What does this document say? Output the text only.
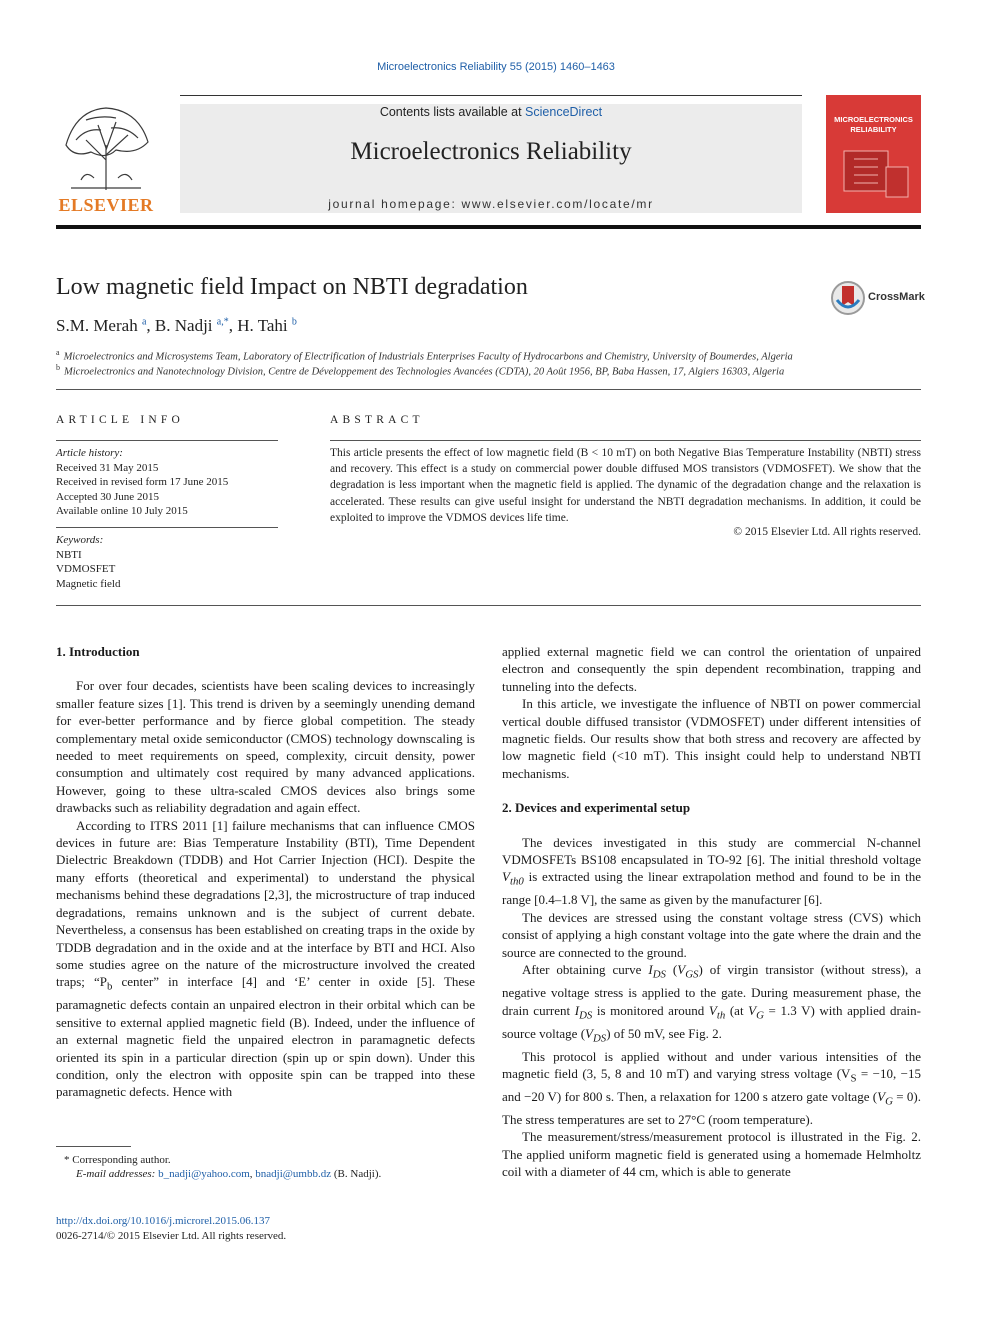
Microelectronics Reliability 55 (2015) 1460–1463
ELSEVIER
Contents lists available at ScienceDirect
Microelectronics Reliability
journal homepage: www.elsevier.com/locate/mr
MICROELECTRONICS
RELIABILITY
Low magnetic field Impact on NBTI degradation	CrossMark
S.M. Merah $^a$, B. Nadji $^{a,*}$, H. Tahi $^b$
$^a$ Microelectronics and Microsystems Team, Laboratory of Electrification of Industrials Enterprises Faculty of Hydrocarbons and Chemistry, University of Boumerdes, Algeria
$^b$ Microelectronics and Nanotechnology Division, Centre de Développement des Technologies Avancées (CDTA), 20 Août 1956, BP, Baba Hassen, 17, Algiers 16303, Algeria
ARTICLE INFO
Article history:
Received 31 May 2015
Received in revised form 17 June 2015
Accepted 30 June 2015
Available online 10 July 2015
Keywords:
NBTI
VDMOSFET
Magnetic field
ABSTRACT
This article presents the effect of low magnetic field (B < 10 mT) on both Negative Bias Temperature Instability (NBTI) stress and recovery. This effect is a study on commercial power double diffused MOS transistors (VDMOSFET). We show that the degradation is less important when the magnetic field is applied. The dynamic of the degradation change and the relaxation is accelerated. These results can give useful insight for understand the NBTI degradation mechanisms. In addition, it could be exploited to improve the VDMOS devices life time.
© 2015 Elsevier Ltd. All rights reserved.
1. Introduction

For over four decades, scientists have been scaling devices to increasingly smaller feature sizes [1]. This trend is driven by a seemingly unending demand for ever-better performance and by fierce global competition. The steady complementary metal oxide semiconductor (CMOS) technology downscaling is needed to meet requirements on speed, complexity, circuit density, power consumption and ultimately cost required by many advanced applications. However, going to these ultra-scaled CMOS devices also brings some drawbacks such as reliability degradation and again effect.

According to ITRS 2011 [1] failure mechanisms that can influence CMOS devices in future are: Bias Temperature Instability (BTI), Time Dependent Dielectric Breakdown (TDDB) and Hot Carrier Injection (HCI). Despite the many efforts (theoretical and experimental) to understand the physical mechanisms behind these degradations [2,3], the microstructure of trap induced degradations, remains unknown and is the subject of current debate. Nevertheless, a consensus has been established on creating traps in the oxide by TDDB degradation and in the oxide and at the interface by BTI and HCI. Also some studies agree on the nature of the microstructure involved the created traps; “$P_b$ center” in interface [4] and ‘E’ center in oxide [5]. These paramagnetic defects contain an unpaired electron in their orbital which can be sensitive to external applied magnetic field (B). Indeed, under the influence of an external magnetic field the unpaired electron in paramagnetic defects oriented its spin in a particular direction (spin up or spin down). Under this condition, only the electron with opposite spin can be trapped into these paramagnetic defects. Hence with

applied external magnetic field we can control the orientation of unpaired electron and consequently the spin dependent recombination, trapping and tunneling into the defects.

In this article, we investigate the influence of NBTI on power commercial vertical double diffused transistor (VDMOSFET) under different intensities of magnetic fields. Our results show that both stress and recovery are affected by low magnetic field (<10 mT). This insight could help to understand NBTI mechanisms.

2. Devices and experimental setup

The devices investigated in this study are commercial N-channel VDMOSFETs BS108 encapsulated in TO-92 [6]. The initial threshold voltage $V_{th0}$ is extracted using the linear extrapolation method and found to be in the range [0.4–1.8 V], the same as given by the manufacturer [6].

The devices are stressed using the constant voltage stress (CVS) which consist of applying a high constant voltage into the gate where the drain and the source are connected to the ground.

After obtaining curve $I_{DS}$ $(V_{GS})$ of virgin transistor (without stress), a negative voltage stress is applied to the gate. During measurement phase, the drain current $I_{DS}$ is monitored around $V_{th}$ (at $V_G = 1.3$ V) with applied drain-source voltage $(V_{DS})$ of 50 mV, see Fig. 2.

This protocol is applied without and under various intensities of the magnetic field (3, 5, 8 and 10 mT) and varying stress voltage ($V_S = -10$, −15 and −20 V) for 800 s. Then, a relaxation for 1200 s atzero gate voltage $(V_G = 0)$. The stress temperatures are set to 27°C (room temperature).

The measurement/stress/measurement protocol is illustrated in the Fig. 2. The applied uniform magnetic field is generated using a homemade Helmholtz coil with a diameter of 44 cm, which is able to generate

* Corresponding author.
E-mail addresses: b_nadji@yahoo.com, bnadji@umbb.dz (B. Nadji).
http://dx.doi.org/10.1016/j.microrel.2015.06.137
0026-2714/© 2015 Elsevier Ltd. All rights reserved.
